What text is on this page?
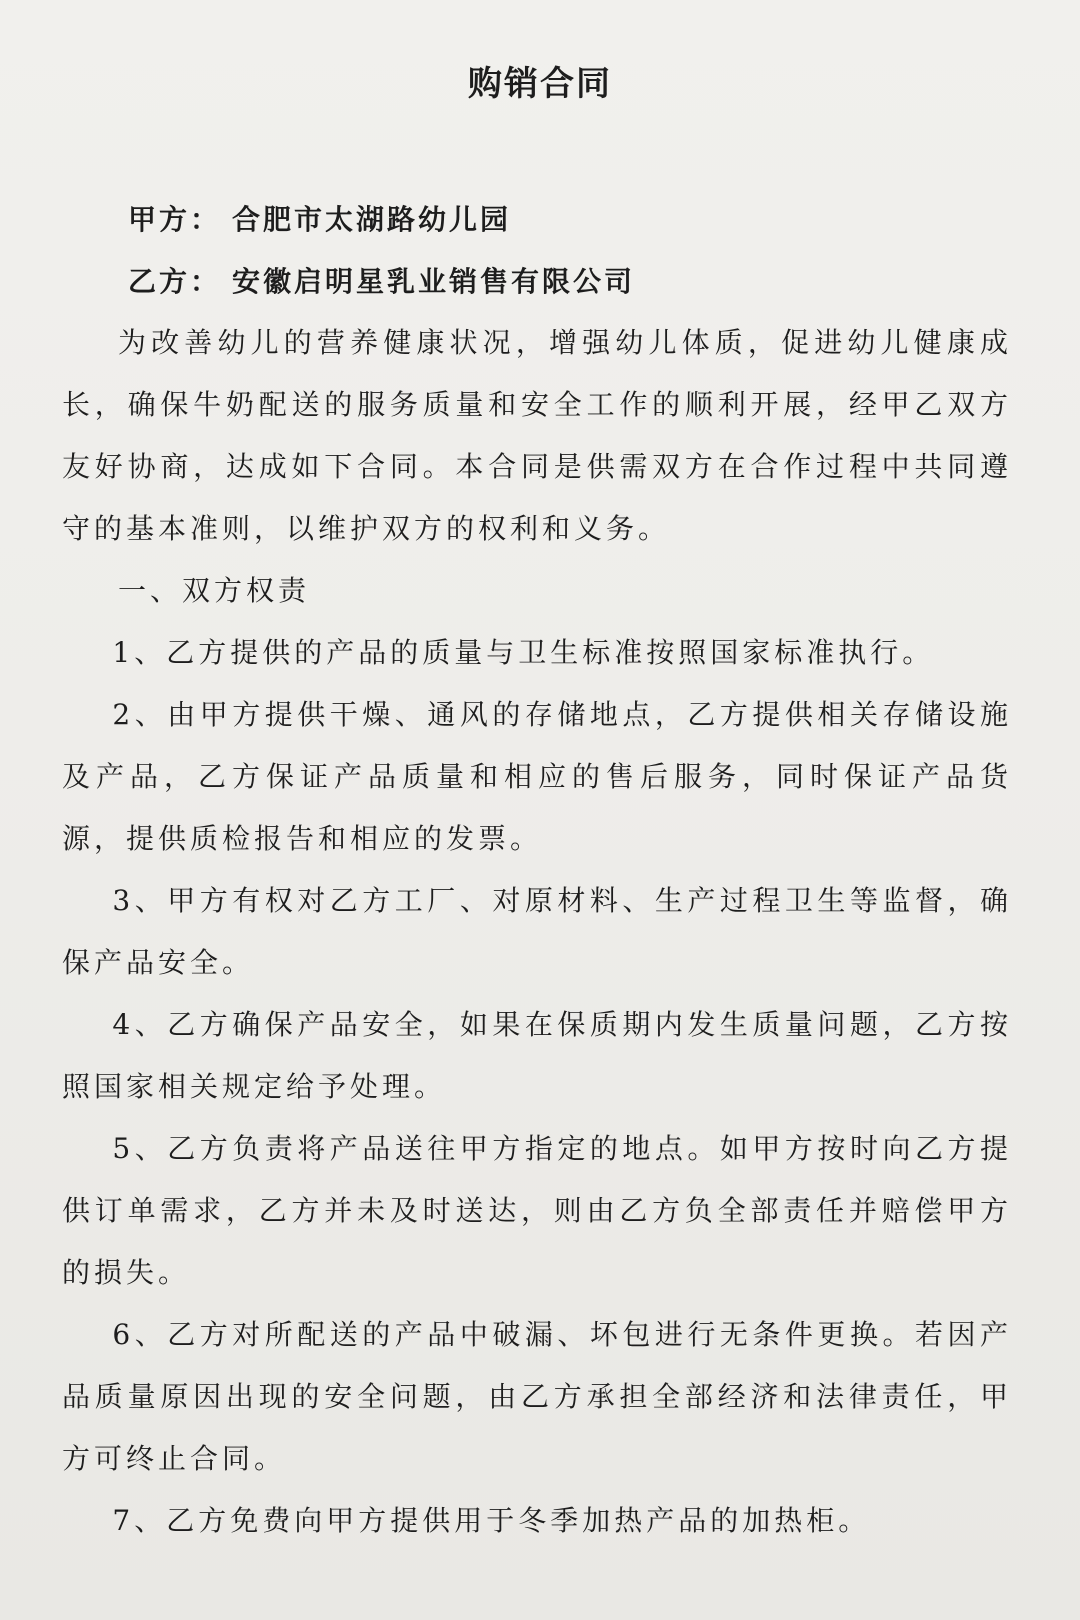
购销合同
甲方： 合肥市太湖路幼儿园
乙方： 安徽启明星乳业销售有限公司

为改善幼儿的营养健康状况，增强幼儿体质，促进幼儿健康成长，确保牛奶配送的服务质量和安全工作的顺利开展，经甲乙双方友好协商，达成如下合同。本合同是供需双方在合作过程中共同遵守的基本准则，以维护双方的权利和义务。

一、双方权责

1、乙方提供的产品的质量与卫生标准按照国家标准执行。

2、由甲方提供干燥、通风的存储地点，乙方提供相关存储设施及产品，乙方保证产品质量和相应的售后服务，同时保证产品货源，提供质检报告和相应的发票。

3、甲方有权对乙方工厂、对原材料、生产过程卫生等监督，确保产品安全。

4、乙方确保产品安全，如果在保质期内发生质量问题，乙方按照国家相关规定给予处理。

5、乙方负责将产品送往甲方指定的地点。如甲方按时向乙方提供订单需求，乙方并未及时送达，则由乙方负全部责任并赔偿甲方的损失。

6、乙方对所配送的产品中破漏、坏包进行无条件更换。若因产品质量原因出现的安全问题，由乙方承担全部经济和法律责任，甲方可终止合同。

7、乙方免费向甲方提供用于冬季加热产品的加热柜。
